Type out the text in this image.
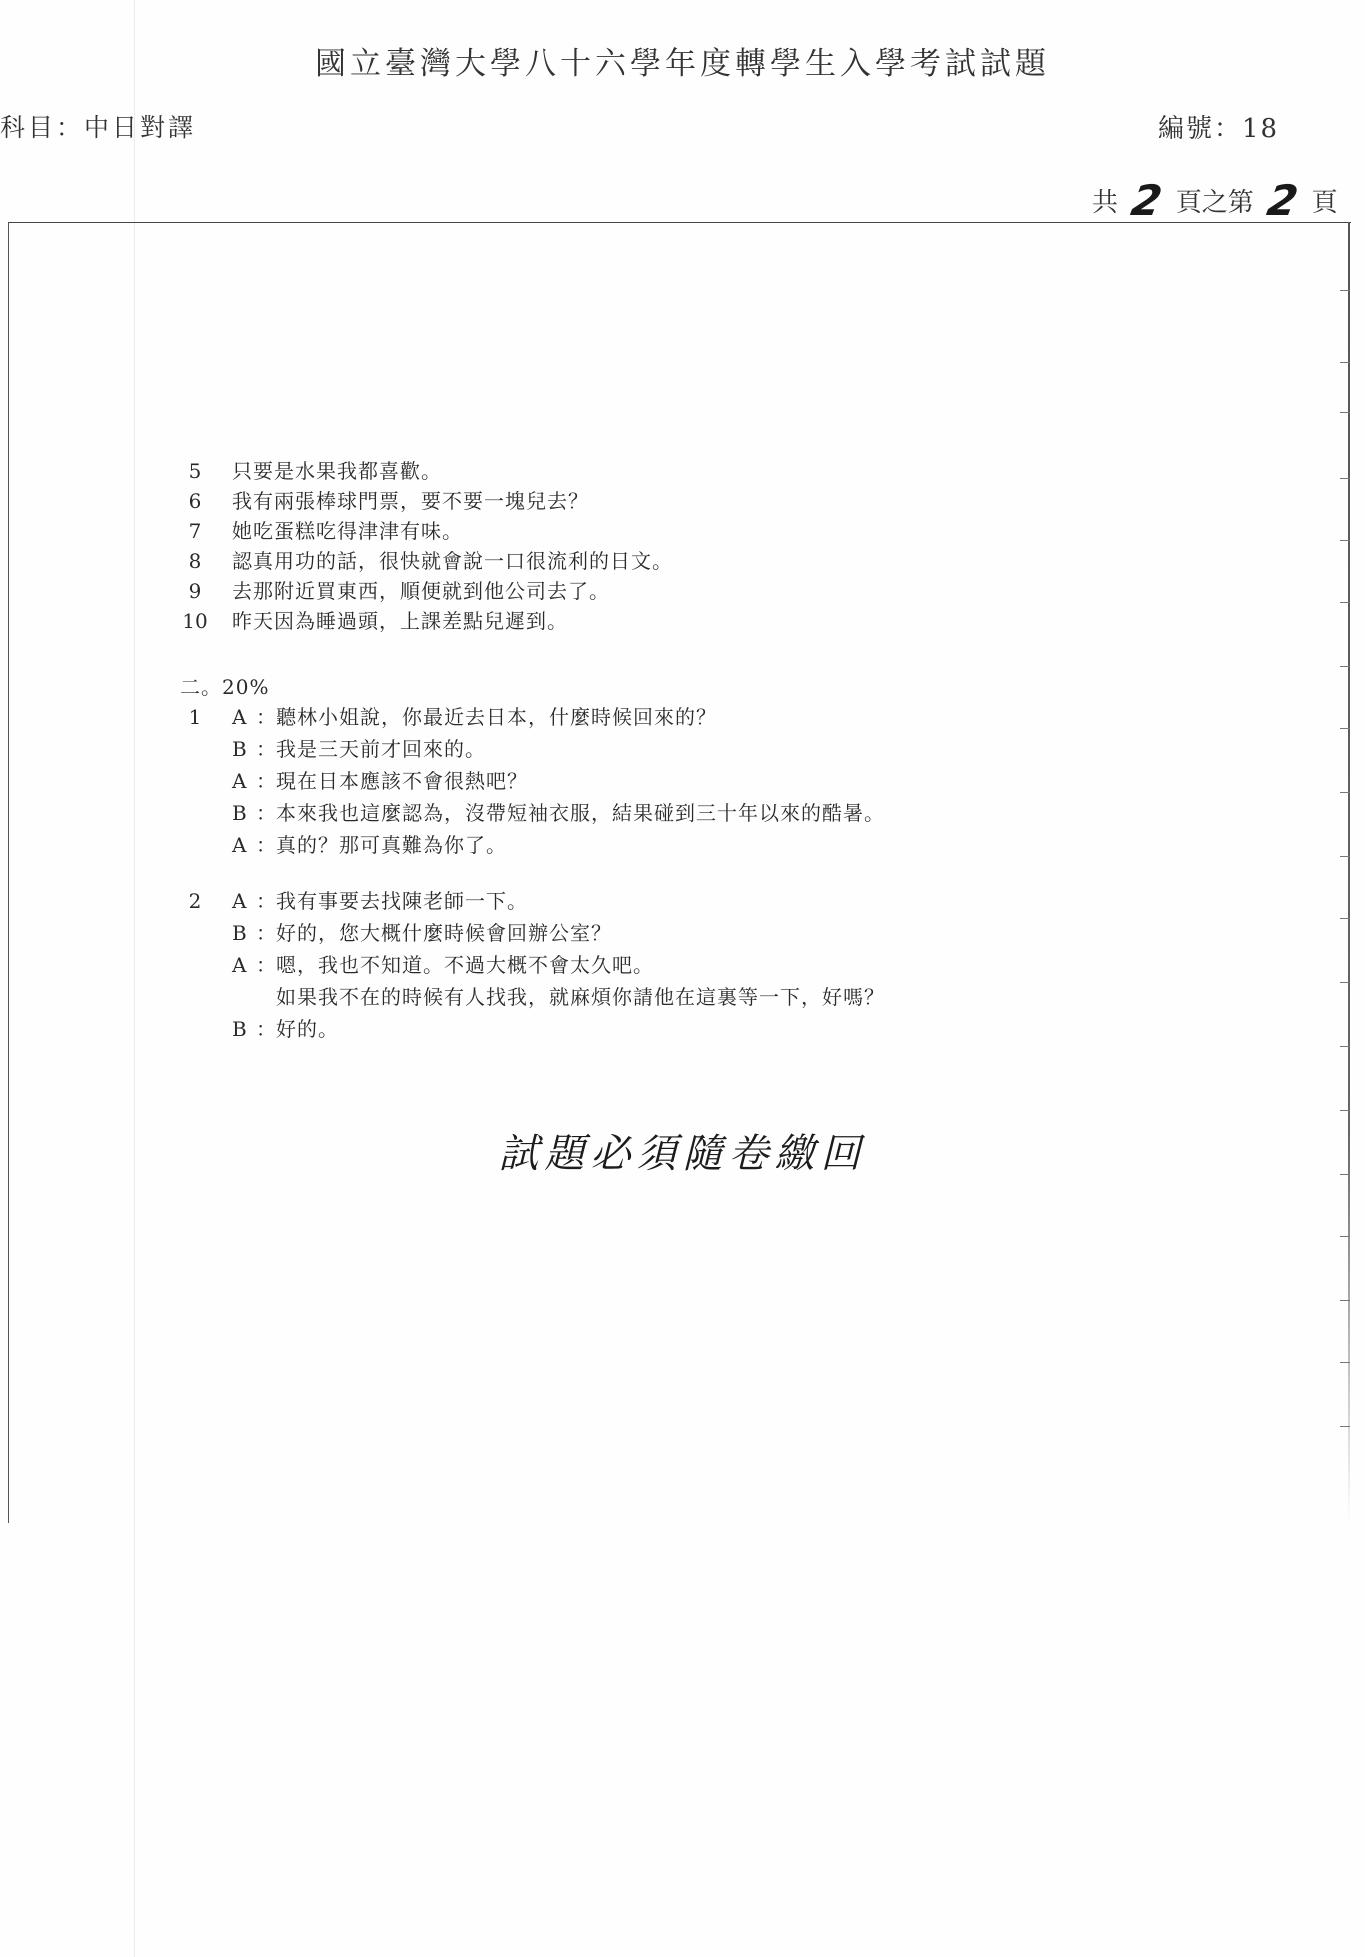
國立臺灣大學八十六學年度轉學生入學考試試題
科目：中日對譯	編號：18
共 2 頁之第 2 頁
5	只要是水果我都喜歡。
6	我有兩張棒球門票，要不要一塊兒去？
7	她吃蛋糕吃得津津有味。
8	認真用功的話，很快就會說一口很流利的日文。
9	去那附近買東西，順便就到他公司去了。
10 昨天因為睡過頭，上課差點兒遲到。
二。20%
1	A ： 聽林小姐說，你最近去日本，什麼時候回來的？
B ： 我是三天前才回來的。
A ： 現在日本應該不會很熱吧？
B ： 本來我也這麼認為，沒帶短袖衣服，結果碰到三十年以來的酷暑。
A ： 真的？那可真難為你了。
2	A ： 我有事要去找陳老師一下。
B ： 好的，您大概什麼時候會回辦公室？
A ： 嗯，我也不知道。不過大概不會太久吧。
如果我不在的時候有人找我，就麻煩你請他在這裏等一下，好嗎？
B ： 好的。
試題必須隨卷繳回
